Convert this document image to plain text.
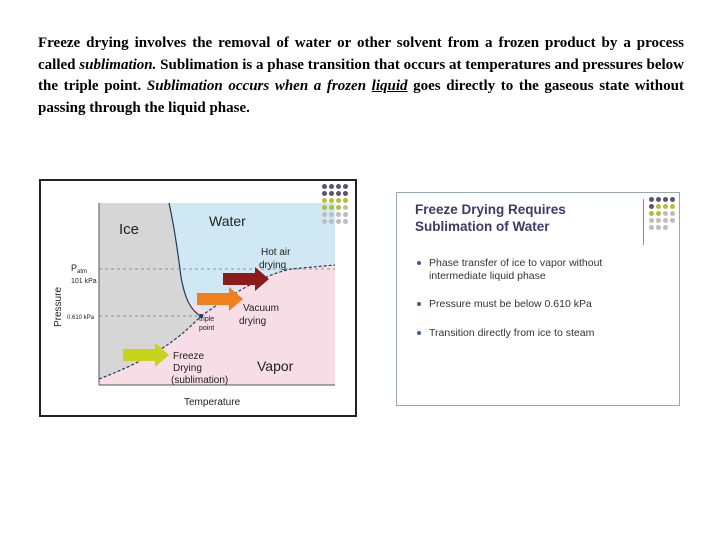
Freeze drying involves the removal of water or other solvent from a frozen product by a process called sublimation. Sublimation is a phase transition that occurs at temperatures and pressures below the triple point. Sublimation occurs when a frozen liquid goes directly to the gaseous state without passing through the liquid phase.

Ice	Water
Vapor
Hot air
drying
Vacuum
drying
triple
point
Freeze
Drying
(sublimation)
$P_{atm}$
101 kPa
0.610 kPa
Pressure
Temperature
Freeze Drying Requires
Sublimation of Water
Phase transfer of ice to vapor without intermediate liquid phase
Pressure must be below 0.610 kPa
Transition directly from ice to steam
